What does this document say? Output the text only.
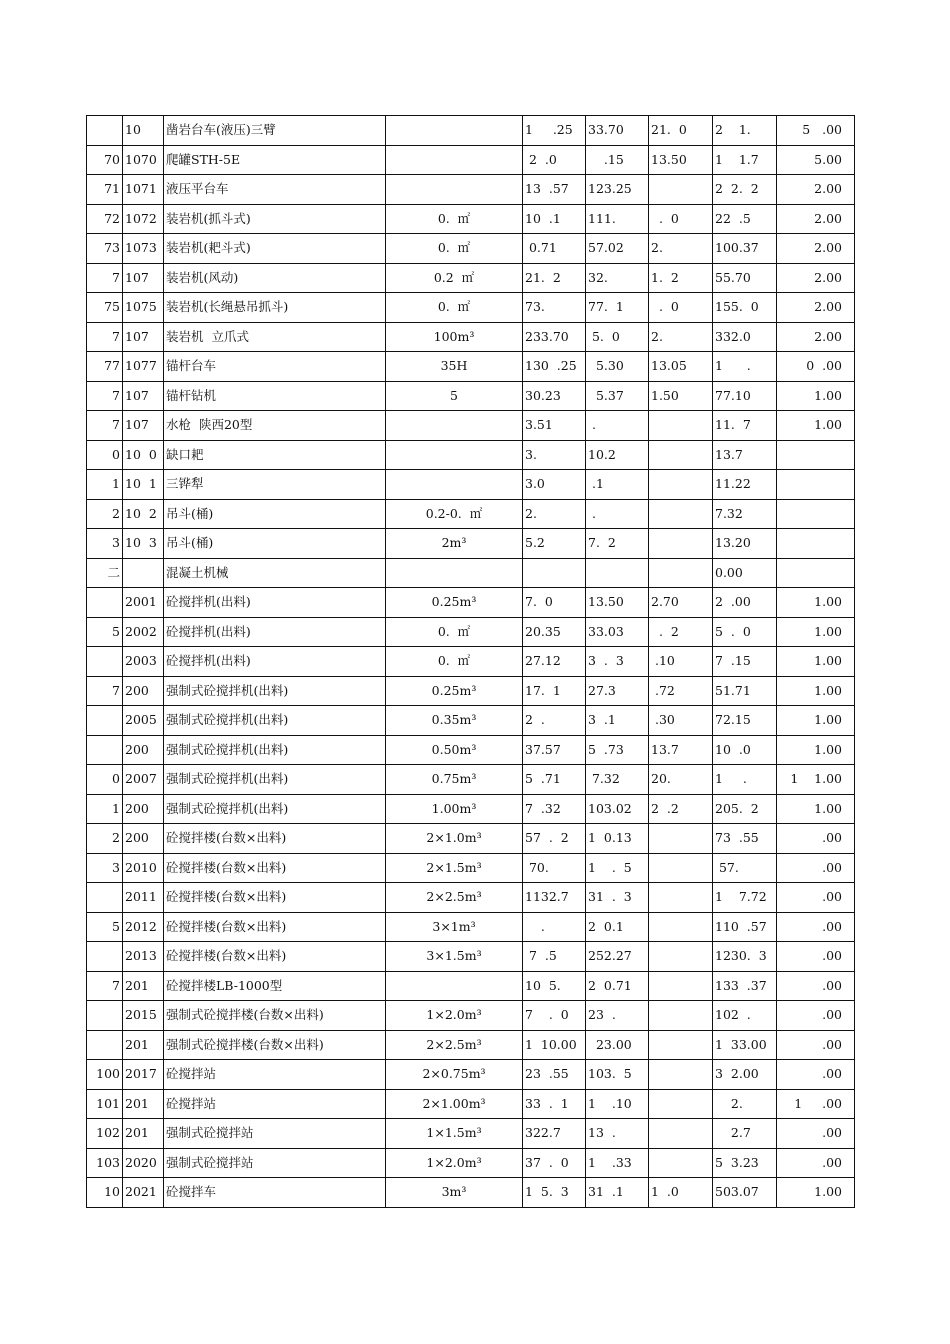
	10	凿岩台车(液压)三臂		1     .25	33.70	21.  0	2    1.	5   .00
70	1070	爬罐STH-5E		2  .0	.15	13.50	1    1.7	5.00
71	1071	液压平台车		13  .57	123.25		2  2.  2	2.00
72	1072	装岩机(抓斗式)	0.  ㎡	10  .1	111.	.  0	22  .5	2.00
73	1073	装岩机(耙斗式)	0.  ㎡	0.71	57.02	2.	100.37	2.00
7	107	装岩机(风动)	0.2  ㎡	21.  2	32.	1.  2	55.70	2.00
75	1075	装岩机(长绳悬吊抓斗)	0.  ㎡	73.	77.  1	.  0	155.  0	2.00
7	107	装岩机  立爪式	100m³	233.70	5.  0	2.	332.0	2.00
77	1077	锚杆台车	35H	130  .25	5.30	13.05	1      .	0  .00
7	107	锚杆钻机	5	30.23	5.37	1.50	77.10	1.00
7	107	水枪  陕西20型		3.51	.		11.  7	1.00
0	10  0	缺口耙		3.	10.2		13.7	
1	10  1	三铧犁		3.0	.1		11.22	
2	10  2	吊斗(桶)	0.2-0.  ㎡	2.	.		7.32	
3	10  3	吊斗(桶)	2m³	5.2	7.  2		13.20	
二		混凝土机械					0.00	
	2001	砼搅拌机(出料)	0.25m³	7.  0	13.50	2.70	2  .00	1.00
5	2002	砼搅拌机(出料)	0.  ㎡	20.35	33.03	.  2	5  .  0	1.00
	2003	砼搅拌机(出料)	0.  ㎡	27.12	3  .  3	.10	7  .15	1.00
7	200	强制式砼搅拌机(出料)	0.25m³	17.  1	27.3	.72	51.71	1.00
	2005	强制式砼搅拌机(出料)	0.35m³	2  .	3  .1	.30	72.15	1.00
	200	强制式砼搅拌机(出料)	0.50m³	37.57	5  .73	13.7	10  .0	1.00
0	2007	强制式砼搅拌机(出料)	0.75m³	5  .71	7.32	20.	1     .	1    1.00
1	200	强制式砼搅拌机(出料)	1.00m³	7  .32	103.02	2  .2	205.  2	1.00
2	200	砼搅拌楼(台数×出料)	2×1.0m³	57  .  2	1  0.13		73  .55	.00
3	2010	砼搅拌楼(台数×出料)	2×1.5m³	70.	1    .  5		57.	.00
	2011	砼搅拌楼(台数×出料)	2×2.5m³	1132.7	31  .  3		1    7.72	.00
5	2012	砼搅拌楼(台数×出料)	3×1m³	.	2  0.1		110  .57	.00
	2013	砼搅拌楼(台数×出料)	3×1.5m³	7  .5	252.27		1230.  3	.00
7	201	砼搅拌楼LB-1000型		10  5.	2  0.71		133  .37	.00
	2015	强制式砼搅拌楼(台数×出料)	1×2.0m³	7    .  0	23  .		102  .	.00
	201	强制式砼搅拌楼(台数×出料)	2×2.5m³	1  10.00	23.00		1  33.00	.00
100	2017	砼搅拌站	2×0.75m³	23  .55	103.  5		3  2.00	.00
101	201	砼搅拌站	2×1.00m³	33  .  1	1    .10		2.	1     .00
102	201	强制式砼搅拌站	1×1.5m³	322.7	13  .		2.7	.00
103	2020	强制式砼搅拌站	1×2.0m³	37  .  0	1    .33		5  3.23	.00
10	2021	砼搅拌车	3m³	1  5.  3	31  .1	1  .0	503.07	1.00
